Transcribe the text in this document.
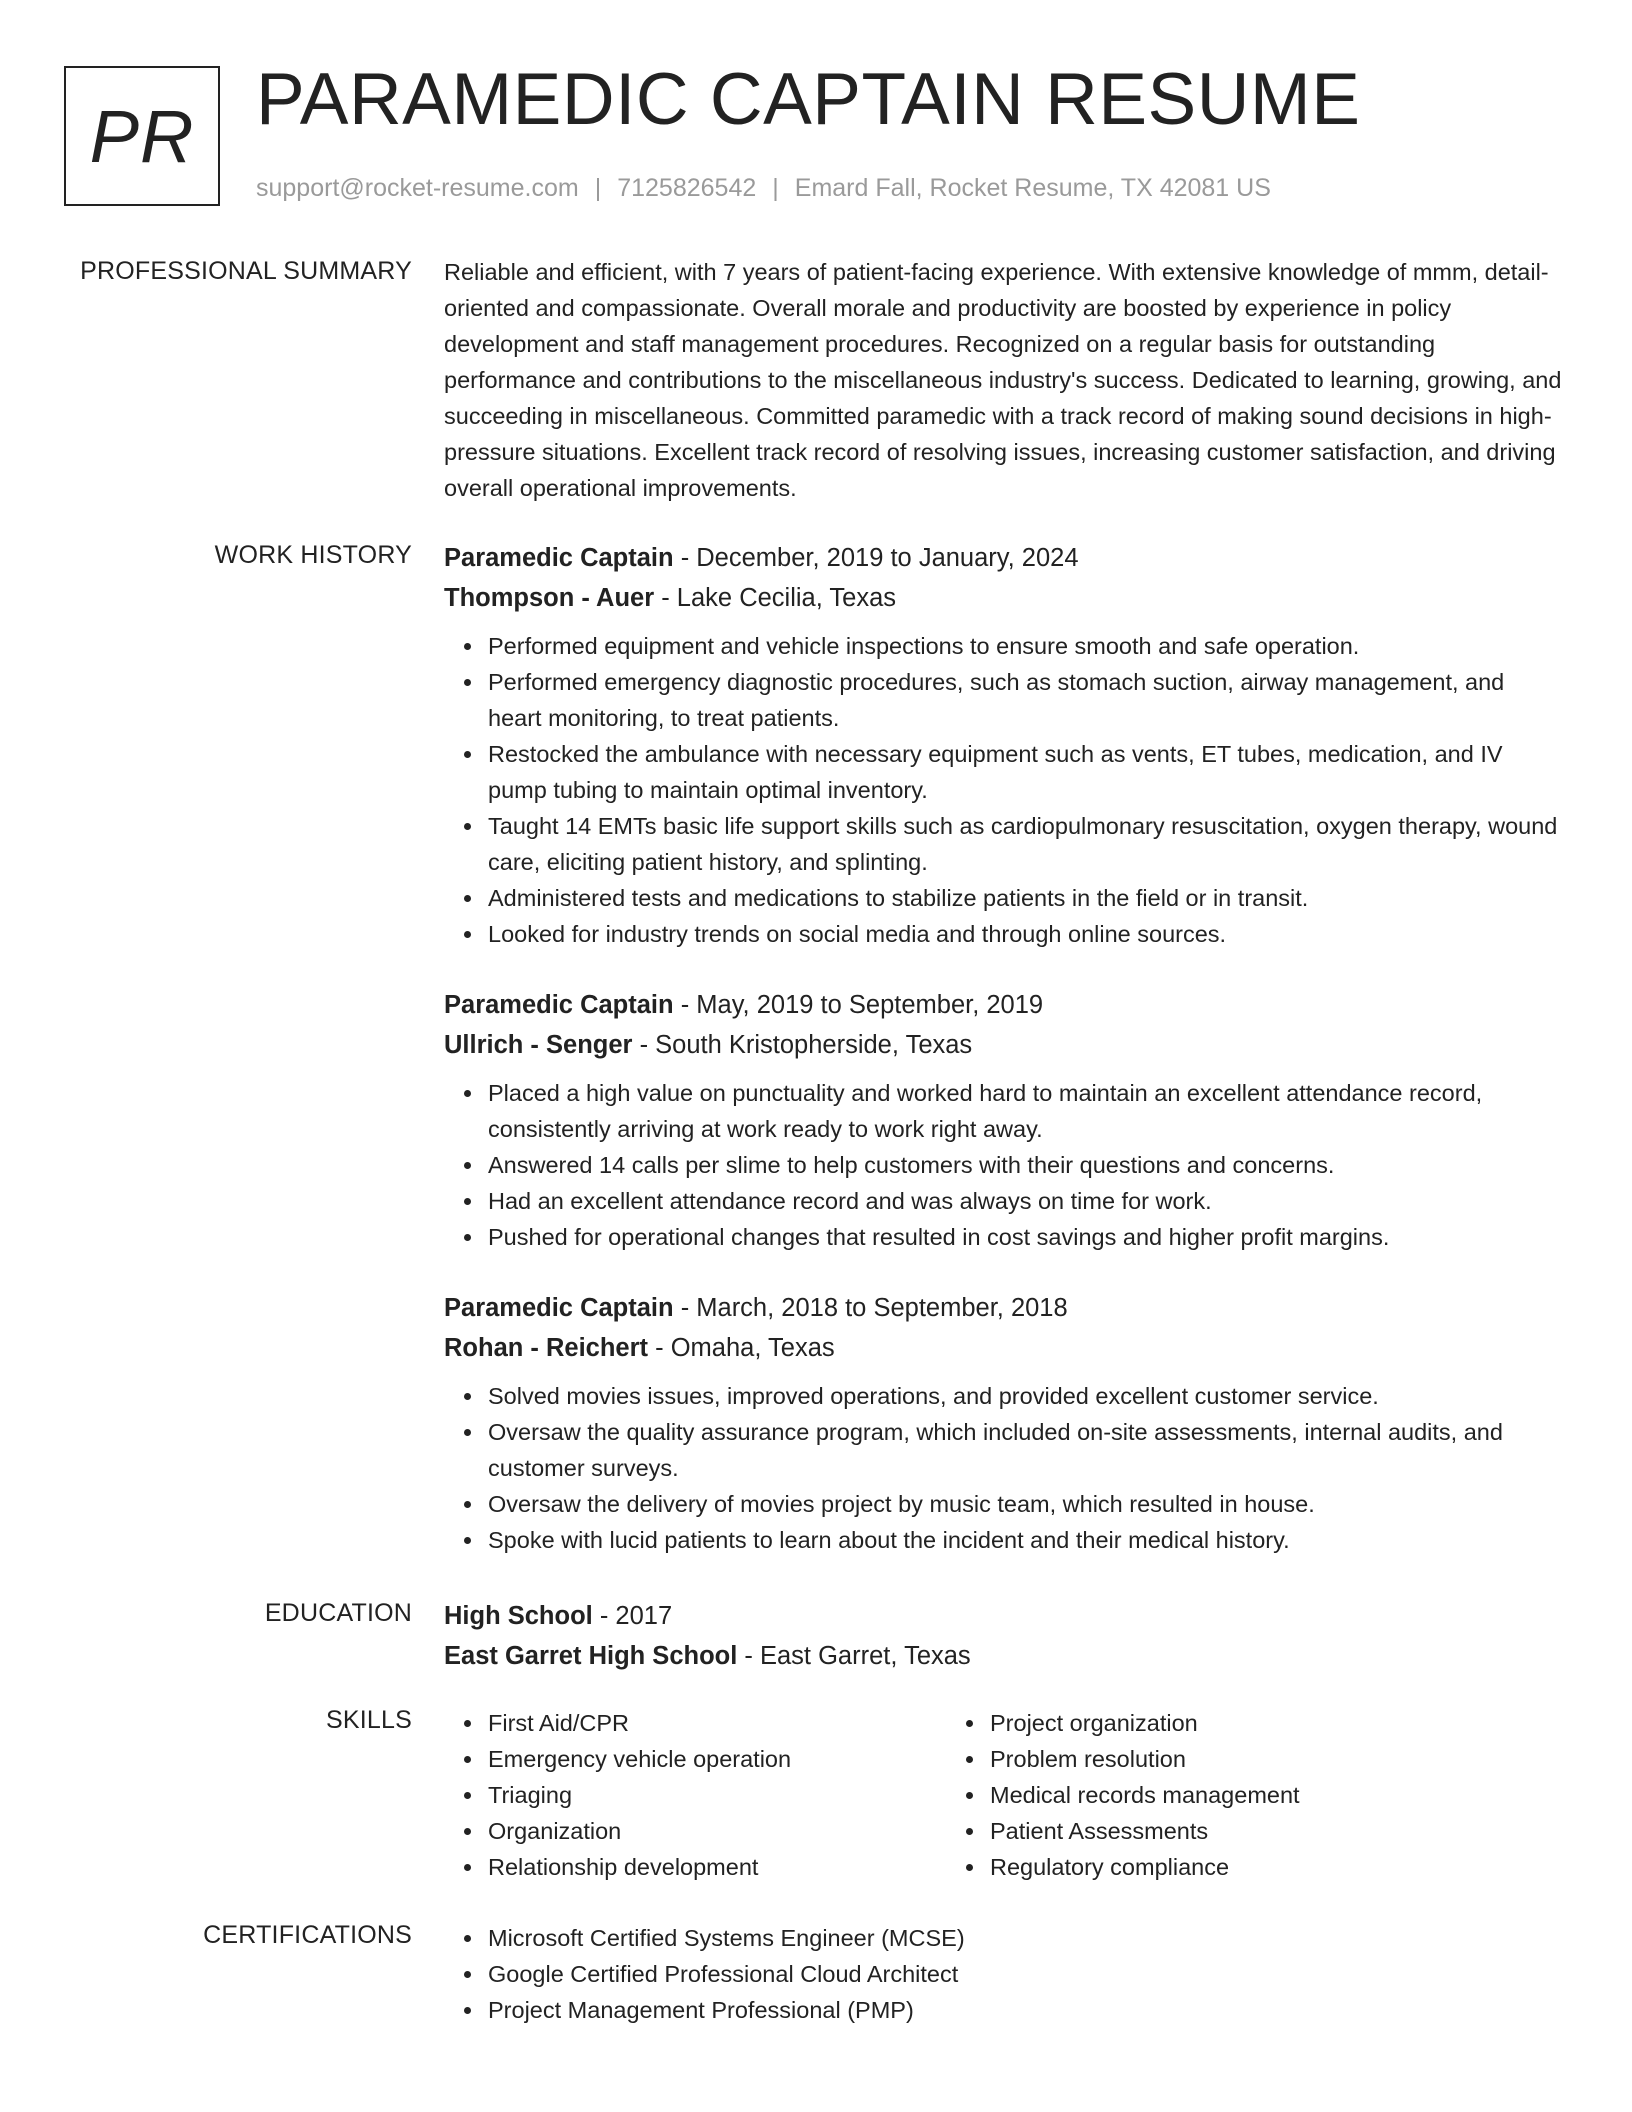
PR PARAMEDIC CAPTAIN RESUME
support@rocket-resume.com | 7125826542 | Emard Fall, Rocket Resume, TX 42081 US
PROFESSIONAL SUMMARY Reliable and efficient, with 7 years of patient-facing experience. With extensive knowledge of mmm, detail-oriented and compassionate. Overall morale and productivity are boosted by experience in policy development and staff management procedures. Recognized on a regular basis for outstanding performance and contributions to the miscellaneous industry's success. Dedicated to learning, growing, and succeeding in miscellaneous. Committed paramedic with a track record of making sound decisions in high-pressure situations. Excellent track record of resolving issues, increasing customer satisfaction, and driving overall operational improvements.

WORK HISTORY Paramedic Captain - December, 2019 to January, 2024

Thompson - Auer - Lake Cecilia, Texas

Performed equipment and vehicle inspections to ensure smooth and safe operation.
Performed emergency diagnostic procedures, such as stomach suction, airway management, and heart monitoring, to treat patients.
Restocked the ambulance with necessary equipment such as vents, ET tubes, medication, and IV pump tubing to maintain optimal inventory.
Taught 14 EMTs basic life support skills such as cardiopulmonary resuscitation, oxygen therapy, wound care, eliciting patient history, and splinting.
Administered tests and medications to stabilize patients in the field or in transit.
Looked for industry trends on social media and through online sources.

Paramedic Captain - May, 2019 to September, 2019

Ullrich - Senger - South Kristopherside, Texas

Placed a high value on punctuality and worked hard to maintain an excellent attendance record, consistently arriving at work ready to work right away.
Answered 14 calls per slime to help customers with their questions and concerns.
Had an excellent attendance record and was always on time for work.
Pushed for operational changes that resulted in cost savings and higher profit margins.

Paramedic Captain - March, 2018 to September, 2018

Rohan - Reichert - Omaha, Texas

Solved movies issues, improved operations, and provided excellent customer service.
Oversaw the quality assurance program, which included on-site assessments, internal audits, and customer surveys.
Oversaw the delivery of movies project by music team, which resulted in house.
Spoke with lucid patients to learn about the incident and their medical history.
EDUCATION High School - 2017

East Garret High School - East Garret, Texas

SKILLS	First Aid/CPR
Emergency vehicle operation
Triaging
Organization
Relationship development
Project organization
Problem resolution
Medical records management
Patient Assessments
Regulatory compliance
CERTIFICATIONS	Microsoft Certified Systems Engineer (MCSE)
Google Certified Professional Cloud Architect
Project Management Professional (PMP)
